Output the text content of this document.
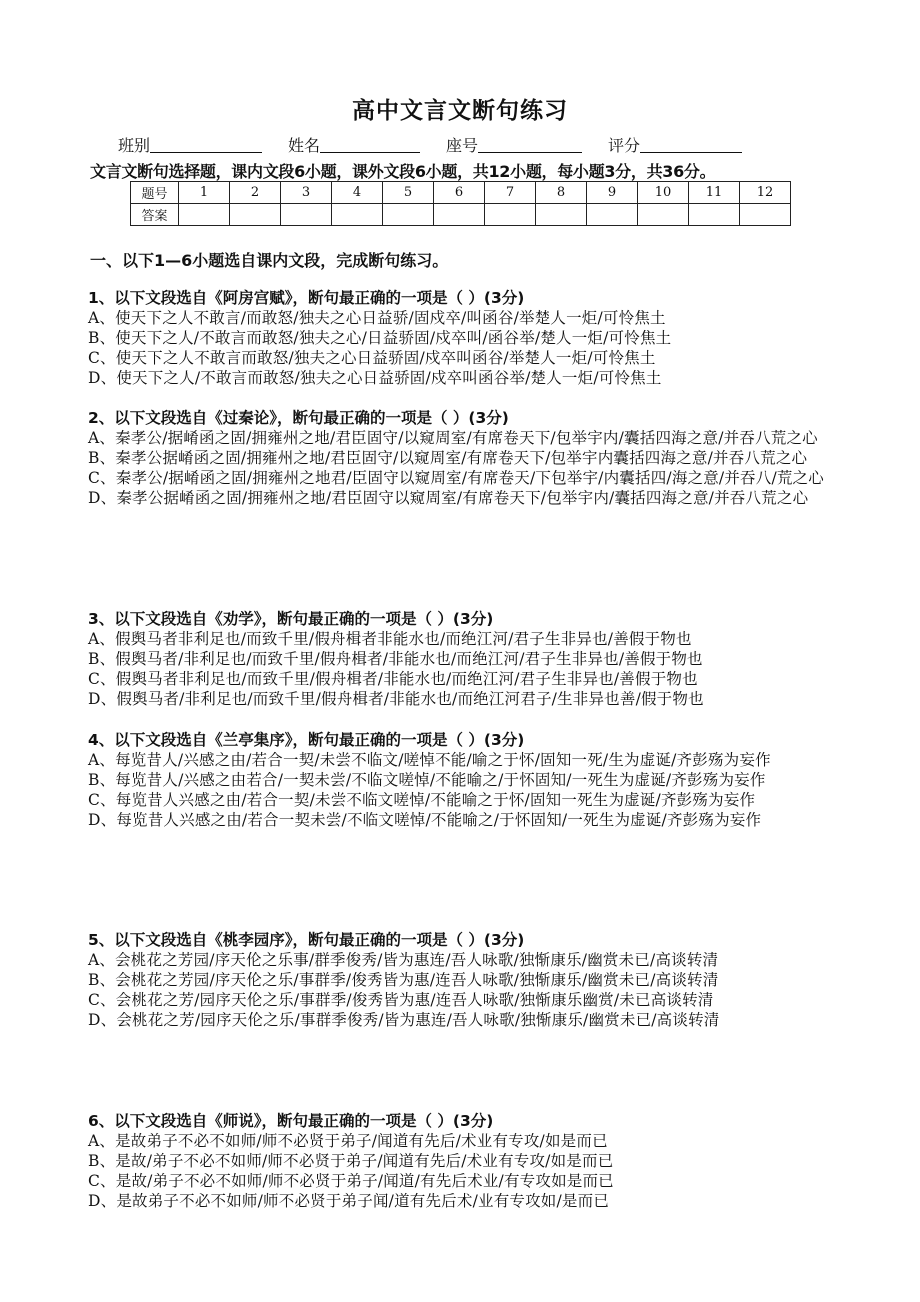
高中文言文断句练习
班别	姓名	座号	评分
文言文断句选择题，课内文段6小题，课外文段6小题，共12小题，每小题3分，共36分。
题号	1	2	3	4	5	6	7	8	9	10	11	12
答案												
一、以下1—6小题选自课内文段，完成断句练习。
1、以下文段选自《阿房宫赋》，断句最正确的一项是（ ）(3分)
A、使天下之人不敢言/而敢怒/独夫之心日益骄/固戍卒/叫函谷/举楚人一炬/可怜焦土
B、使天下之人/不敢言而敢怒/独夫之心/日益骄固/戍卒叫/函谷举/楚人一炬/可怜焦土
C、使天下之人不敢言而敢怒/独夫之心日益骄固/戍卒叫函谷/举楚人一炬/可怜焦土
D、使天下之人/不敢言而敢怒/独夫之心日益骄固/戍卒叫函谷举/楚人一炬/可怜焦土
2、以下文段选自《过秦论》，断句最正确的一项是（ ）(3分)
A、秦孝公/据崤函之固/拥雍州之地/君臣固守/以窥周室/有席卷天下/包举宇内/囊括四海之意/并吞八荒之心
B、秦孝公据崤函之固/拥雍州之地/君臣固守/以窥周室/有席卷天下/包举宇内囊括四海之意/并吞八荒之心
C、秦孝公/据崤函之固/拥雍州之地君/臣固守以窥周室/有席卷天/下包举宇/内囊括四/海之意/并吞八/荒之心
D、秦孝公据崤函之固/拥雍州之地/君臣固守以窥周室/有席卷天下/包举宇内/囊括四海之意/并吞八荒之心
3、以下文段选自《劝学》，断句最正确的一项是（ ）(3分)
A、假舆马者非利足也/而致千里/假舟楫者非能水也/而绝江河/君子生非异也/善假于物也
B、假舆马者/非利足也/而致千里/假舟楫者/非能水也/而绝江河/君子生非异也/善假于物也
C、假舆马者非利足也/而致千里/假舟楫者/非能水也/而绝江河/君子生非异也/善假于物也
D、假舆马者/非利足也/而致千里/假舟楫者/非能水也/而绝江河君子/生非异也善/假于物也
4、以下文段选自《兰亭集序》，断句最正确的一项是（ ）(3分)
A、每览昔人/兴感之由/若合一契/未尝不临文/嗟悼不能/喻之于怀/固知一死/生为虚诞/齐彭殇为妄作
B、每览昔人/兴感之由若合/一契未尝/不临文嗟悼/不能喻之/于怀固知/一死生为虚诞/齐彭殇为妄作
C、每览昔人兴感之由/若合一契/未尝不临文嗟悼/不能喻之于怀/固知一死生为虚诞/齐彭殇为妄作
D、每览昔人兴感之由/若合一契未尝/不临文嗟悼/不能喻之/于怀固知/一死生为虚诞/齐彭殇为妄作
5、以下文段选自《桃李园序》，断句最正确的一项是（ ）(3分)
A、会桃花之芳园/序天伦之乐事/群季俊秀/皆为惠连/吾人咏歌/独惭康乐/幽赏未已/高谈转清
B、会桃花之芳园/序天伦之乐/事群季/俊秀皆为惠/连吾人咏歌/独惭康乐/幽赏未已/高谈转清
C、会桃花之芳/园序天伦之乐/事群季/俊秀皆为惠/连吾人咏歌/独惭康乐幽赏/未已高谈转清
D、会桃花之芳/园序天伦之乐/事群季俊秀/皆为惠连/吾人咏歌/独惭康乐/幽赏未已/高谈转清
6、以下文段选自《师说》，断句最正确的一项是（ ）(3分)
A、是故弟子不必不如师/师不必贤于弟子/闻道有先后/术业有专攻/如是而已
B、是故/弟子不必不如师/师不必贤于弟子/闻道有先后/术业有专攻/如是而已
C、是故/弟子不必不如师/师不必贤于弟子/闻道/有先后术业/有专攻如是而已
D、是故弟子不必不如师/师不必贤于弟子闻/道有先后术/业有专攻如/是而已
